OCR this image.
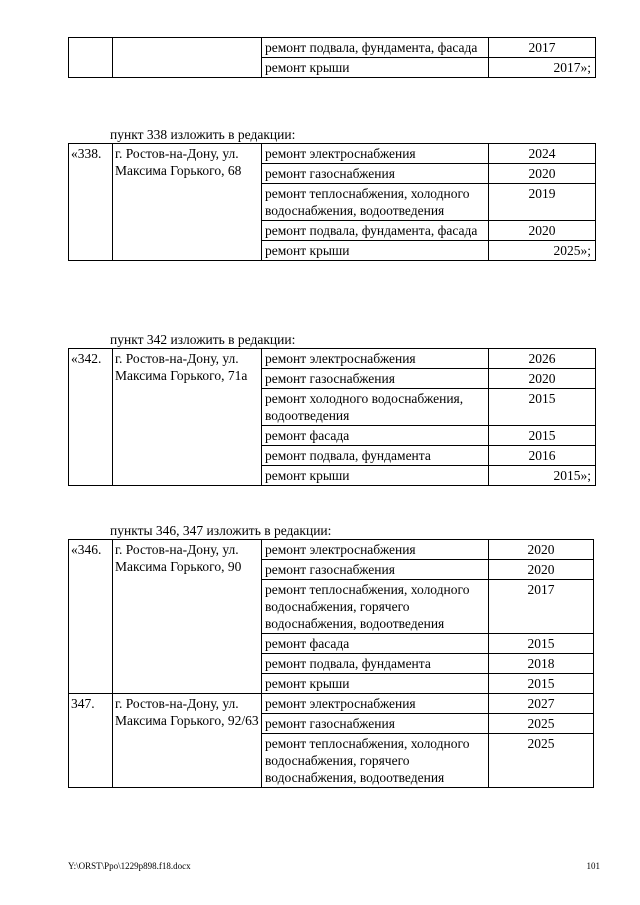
		ремонт подвала, фундамента, фасада	2017
		ремонт крыши	2017»;
пункт 338 изложить в редакции:
«338.	г. Ростов-на-Дону, ул. Максима Горького, 68	ремонт электроснабжения	2024
		ремонт газоснабжения	2020
		ремонт теплоснабжения, холодного водоснабжения, водоотведения	2019
		ремонт подвала, фундамента, фасада	2020
		ремонт крыши	2025»;
пункт 342 изложить в редакции:
«342.	г. Ростов-на-Дону, ул. Максима Горького, 71а	ремонт электроснабжения	2026
		ремонт газоснабжения	2020
		ремонт холодного водоснабжения, водоотведения	2015
		ремонт фасада	2015
		ремонт подвала, фундамента	2016
		ремонт крыши	2015»;
пункты 346, 347 изложить в редакции:
«346.	г. Ростов-на-Дону, ул. Максима Горького, 90	ремонт электроснабжения	2020
		ремонт газоснабжения	2020
		ремонт теплоснабжения, холодного водоснабжения, горячего водоснабжения, водоотведения	2017
		ремонт фасада	2015
		ремонт подвала, фундамента	2018
		ремонт крыши	2015
347.	г. Ростов-на-Дону, ул. Максима Горького, 92/63	ремонт электроснабжения	2027
		ремонт газоснабжения	2025
		ремонт теплоснабжения, холодного водоснабжения, горячего водоснабжения, водоотведения	2025
Y:\ORST\Ppo\1229p898.f18.docx	101
